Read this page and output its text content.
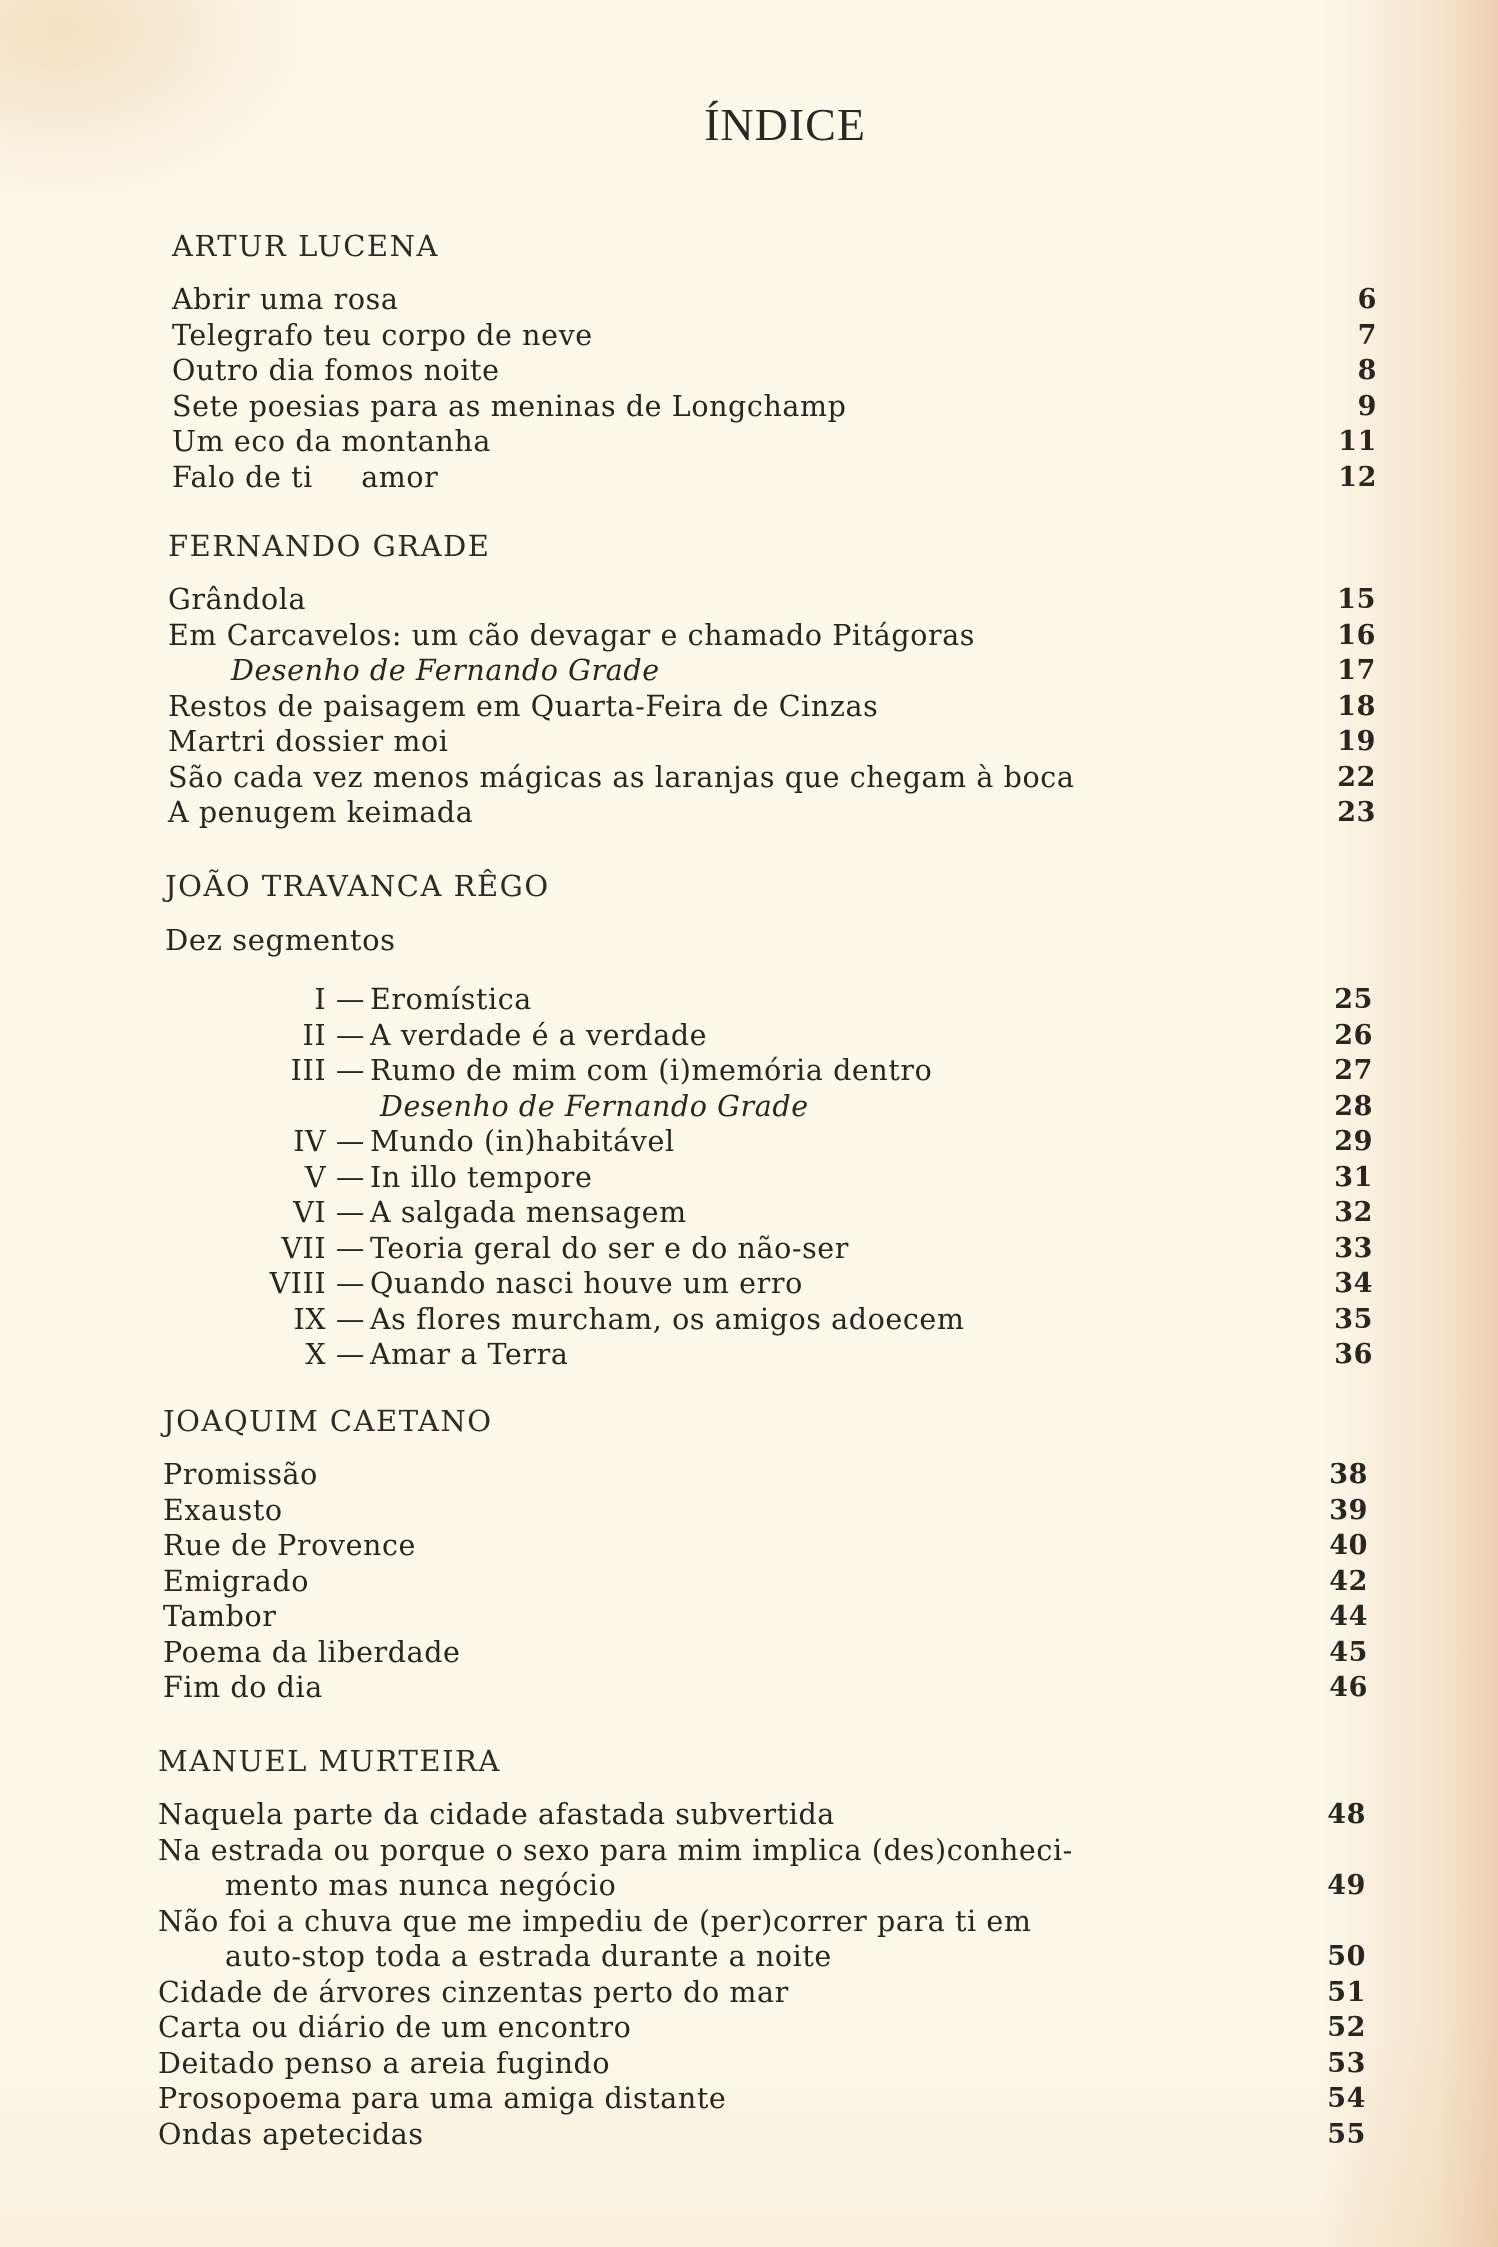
ÍNDICE
ARTUR LUCENA
Abrir uma rosa	6
Telegrafo teu corpo de neve	7
Outro dia fomos noite	8
Sete poesias para as meninas de Longchamp	9
Um eco da montanha	11
Falo de ti     amor	12
FERNANDO GRADE
Grândola	15
Em Carcavelos: um cão devagar e chamado Pitágoras	16
Desenho de Fernando Grade	17
Restos de paisagem em Quarta-Feira de Cinzas	18
Martri dossier moi	19
São cada vez menos mágicas as laranjas que chegam à boca	22
A penugem keimada	23
JOÃO TRAVANCA RÊGO
Dez segmentos
I — Eromística	25
II — A verdade é a verdade	26
III — Rumo de mim com (i)memória dentro	27
Desenho de Fernando Grade	28
IV — Mundo (in)habitável	29
V — In illo tempore	31
VI — A salgada mensagem	32
VII — Teoria geral do ser e do não-ser	33
VIII — Quando nasci houve um erro	34
IX — As flores murcham, os amigos adoecem	35
X — Amar a Terra	36
JOAQUIM CAETANO
Promissão	38
Exausto	39
Rue de Provence	40
Emigrado	42
Tambor	44
Poema da liberdade	45
Fim do dia	46
MANUEL MURTEIRA
Naquela parte da cidade afastada subvertida	48
Na estrada ou porque o sexo para mim implica (des)conheci-
mento mas nunca negócio	49
Não foi a chuva que me impediu de (per)correr para ti em
auto-stop toda a estrada durante a noite	50
Cidade de árvores cinzentas perto do mar	51
Carta ou diário de um encontro	52
Deitado penso a areia fugindo	53
Prosopoema para uma amiga distante	54
Ondas apetecidas	55
